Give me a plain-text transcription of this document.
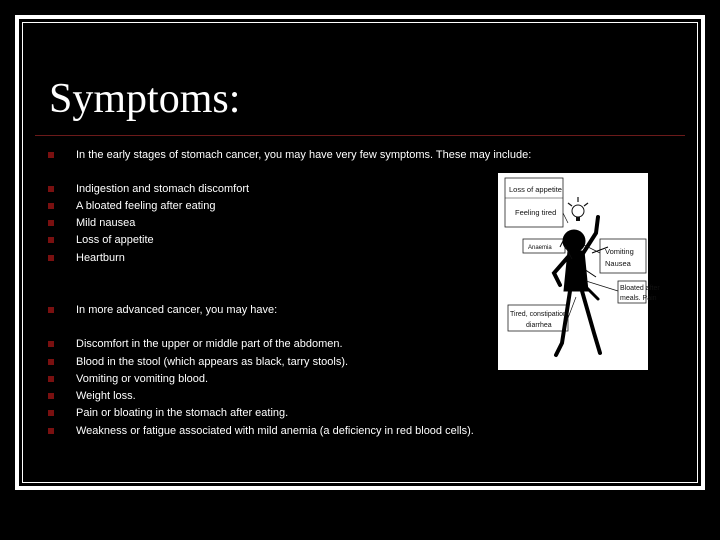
Symptoms:
In the early stages of stomach cancer, you may have very few symptoms. These may include:
Indigestion and stomach discomfort
A bloated feeling after eating
Mild nausea
Loss of appetite
Heartburn
In more advanced cancer, you may have:
Discomfort in the upper or middle part of the abdomen.
Blood in the stool (which appears as black, tarry stools).
Vomiting or vomiting blood.
Weight loss.
Pain or bloating in the stomach after eating.
Weakness or fatigue associated with mild anemia (a deficiency in red blood cells).
Loss of appetite
Feeling tired
Anaemia	Vomiting
Nausea
Bloated after
meals. Pain
Tired, constipation,
diarrhea
